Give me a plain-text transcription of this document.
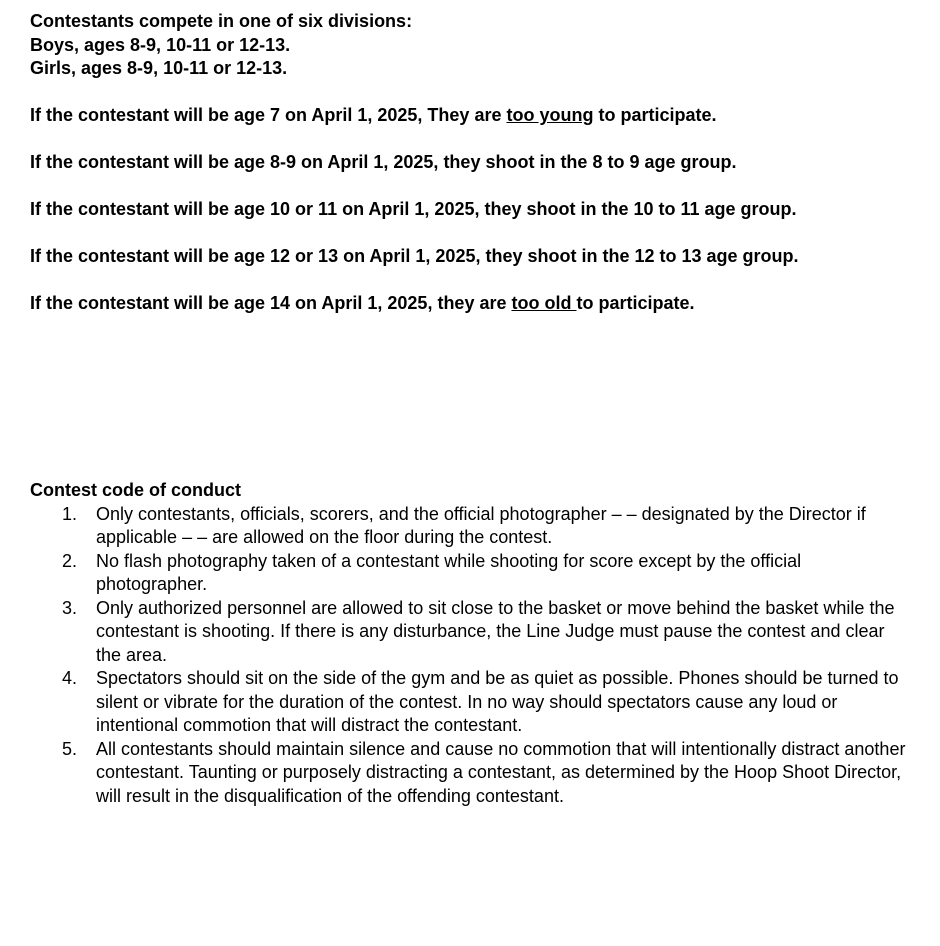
Contestants compete in one of six divisions:

Boys, ages 8-9, 10-11 or 12-13.

Girls, ages 8-9, 10-11 or 12-13.

If the contestant will be age 7 on April 1, 2025, They are too young to participate.

If the contestant will be age 8-9 on April 1, 2025, they shoot in the 8 to 9 age group.

If the contestant will be age 10 or 11 on April 1, 2025, they shoot in the 10 to 11 age group.

If the contestant will be age 12 or 13 on April 1, 2025, they shoot in the 12 to 13 age group.

If the contestant will be age 14 on April 1, 2025, they are too old to participate.

Contest code of conduct

1. Only contestants, officials, scorers, and the official photographer – – designated by the Director if applicable – – are allowed on the floor during the contest.
2. No flash photography taken of a contestant while shooting for score except by the official photographer.
3. Only authorized personnel are allowed to sit close to the basket or move behind the basket while the contestant is shooting. If there is any disturbance, the Line Judge must pause the contest and clear the area.
4. Spectators should sit on the side of the gym and be as quiet as possible. Phones should be turned to silent or vibrate for the duration of the contest. In no way should spectators cause any loud or intentional commotion that will distract the contestant.
5. All contestants should maintain silence and cause no commotion that will intentionally distract another contestant. Taunting or purposely distracting a contestant, as determined by the Hoop Shoot Director, will result in the disqualification of the offending contestant.
